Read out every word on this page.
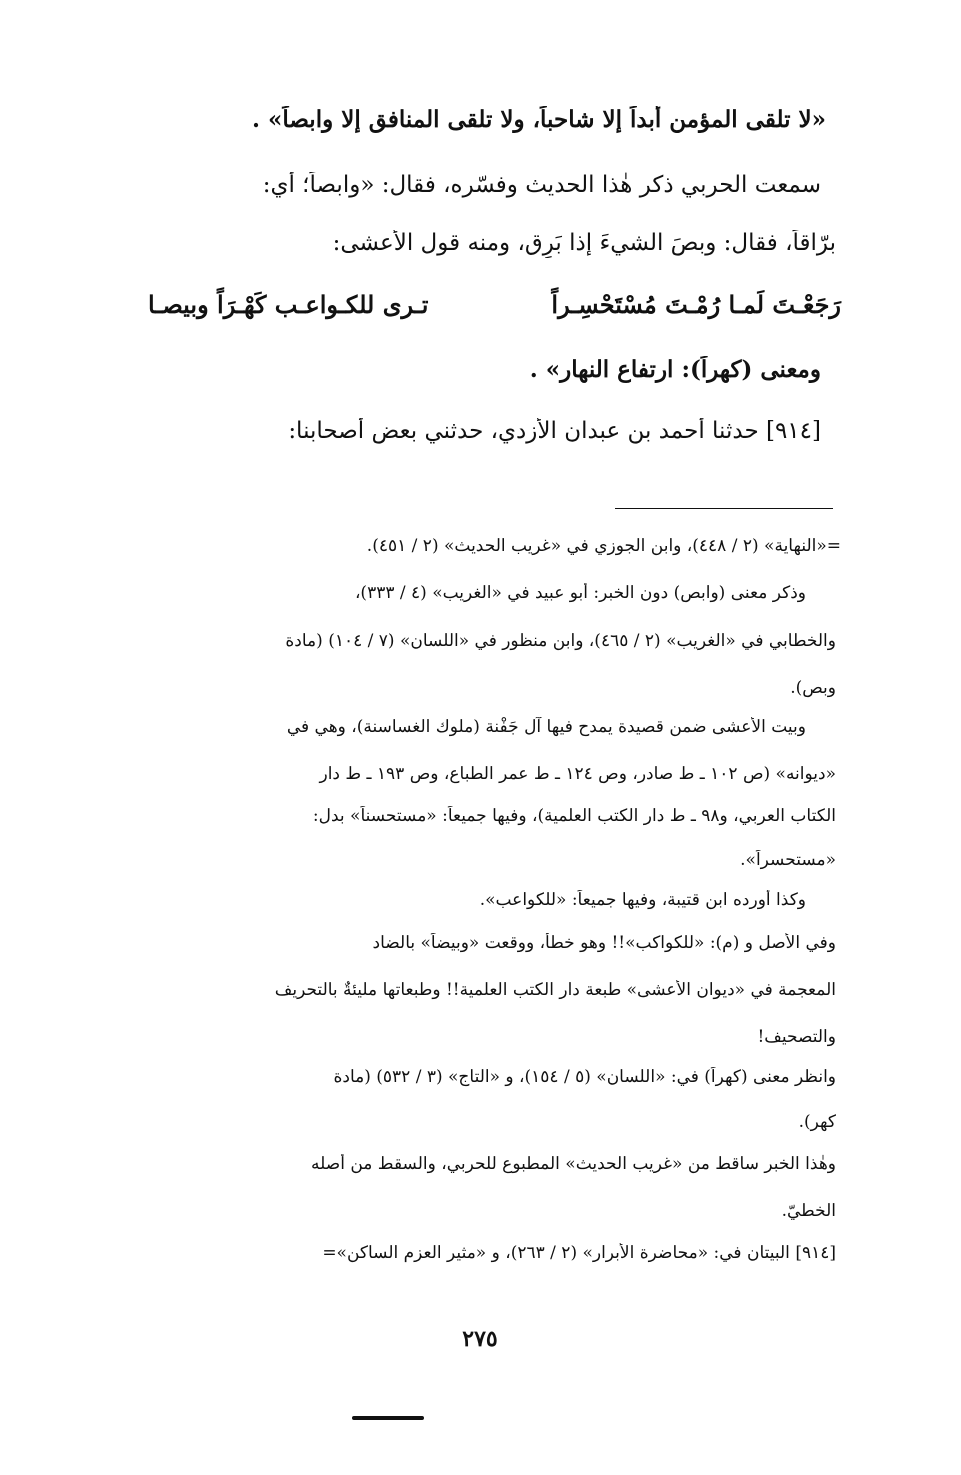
«لا تلقى المؤمن أبداً إلا شاحباً، ولا تلقى المنافق إلا وابصاً» .
سمعت الحربي ذكر هٰذا الحديث وفسّره، فقال: «وابصاً؛ أي:
برّاقاً، فقال: وبصَ الشيءَ إذا بَرِق، ومنه قول الأعشى:
رَجَعْـتَ لَمـا رُمْـتَ مُسْتَحْسِـراً
تـرى للكـواعـب كَهْـرَاً وبيصـا
ومعنى (كهراً): ارتفاع النهار» .
[٩١٤] حدثنا أحمد بن عبدان الأزدي، حدثني بعض أصحابنا:
=«النهاية» (٢ / ٤٤٨)، وابن الجوزي في «غريب الحديث» (٢ / ٤٥١).
وذكر معنى (وابص) دون الخبر: أبو عبيد في «الغريب» (٤ / ٣٣٣)،
والخطابي في «الغريب» (٢ / ٤٦٥)، وابن منظور في «اللسان» (٧ / ١٠٤) (مادة
وبص).
وبيت الأعشى ضمن قصيدة يمدح فيها آل جَفْنة (ملوك الغساسنة)، وهي في
«ديوانه» (ص ١٠٢ ـ ط صادر، وص ١٢٤ ـ ط عمر الطباع، وص ١٩٣ ـ ط دار
الكتاب العربي، و٩٨ ـ ط دار الكتب العلمية)، وفيها جميعاً: «مستحسناً» بدل:
«مستحسراً».
وكذا أورده ابن قتيبة، وفيها جميعاً: «للكواعب».
وفي الأصل و (م): «للكواكب»!! وهو خطأ، ووقعت «وبيضاً» بالضاد
المعجمة في «ديوان الأعشى» طبعة دار الكتب العلمية!! وطبعاتها مليئةٌ بالتحريف
والتصحيف!
وانظر معنى (كهراً) في: «اللسان» (٥ / ١٥٤)، و «التاج» (٣ / ٥٣٢) (مادة
كهر).
وهٰذا الخبر ساقط من «غريب الحديث» المطبوع للحربي، والسقط من أصله
الخطيّ.
[٩١٤] البيتان في: «محاضرة الأبرار» (٢ / ٢٦٣)، و «مثير العزم الساكن»=
٢٧٥
